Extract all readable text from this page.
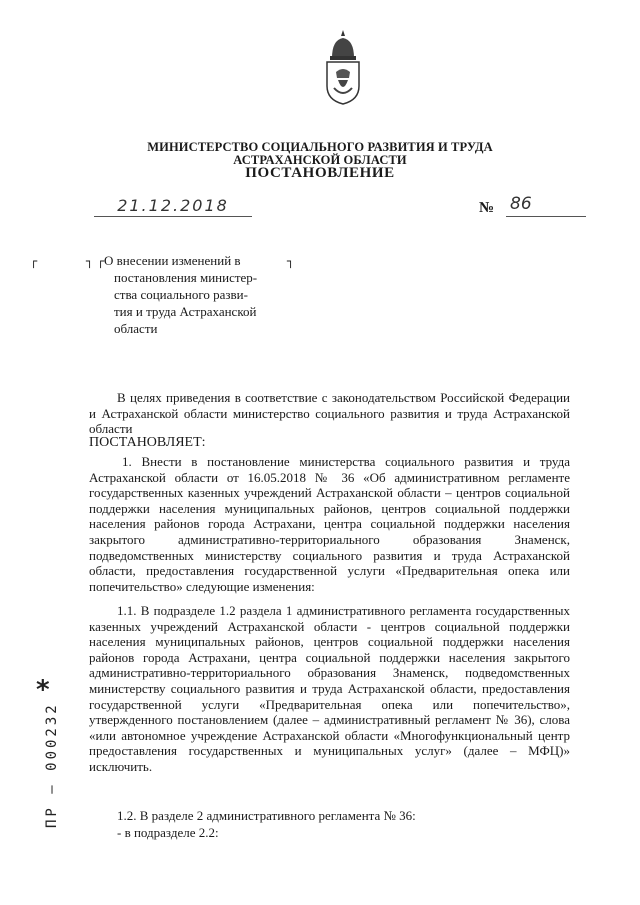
МИНИСТЕРСТВО СОЦИАЛЬНОГО РАЗВИТИЯ И ТРУДА
АСТРАХАНСКОЙ ОБЛАСТИ
ПОСТАНОВЛЕНИЕ
21.12.2018	№ 86
┌	┐ ┌	┐
О внесении изменений в
постановления министер-
ства социального разви-
тия и труда Астраханской
области
В целях приведения в соответствие с законодательством Российской Федерации и Астраханской области министерство социального развития и труда Астраханской области
ПОСТАНОВЛЯЕТ:
1. Внести в постановление министерства социального развития и труда Астраханской области от 16.05.2018 № 36 «Об административном регламенте государственных казенных учреждений Астраханской области – центров социальной поддержки населения муниципальных районов, центров социальной поддержки населения районов города Астрахани, центра социальной поддержки населения закрытого административно-территориального образования Знаменск, подведомственных министерству социального развития и труда Астраханской области, предоставления государственной услуги «Предварительная опека или попечительство» следующие изменения:
1.1. В подразделе 1.2 раздела 1 административного регламента государственных казенных учреждений Астраханской области - центров социальной поддержки населения муниципальных районов, центров социальной поддержки населения районов города Астрахани, центра социальной поддержки населения закрытого административно-территориального образования Знаменск, подведомственных министерству социального развития и труда Астраханской области, предоставления государственной услуги «Предварительная опека или попечительство», утвержденного постановлением (далее – административный регламент № 36), слова «или автономное учреждение Астраханской области «Многофункциональный центр предоставления государственных и муниципальных услуг» (далее – МФЦ)» исключить.
1.2. В разделе 2 административного регламента № 36:
- в подразделе 2.2:
*
ПР – 000232
